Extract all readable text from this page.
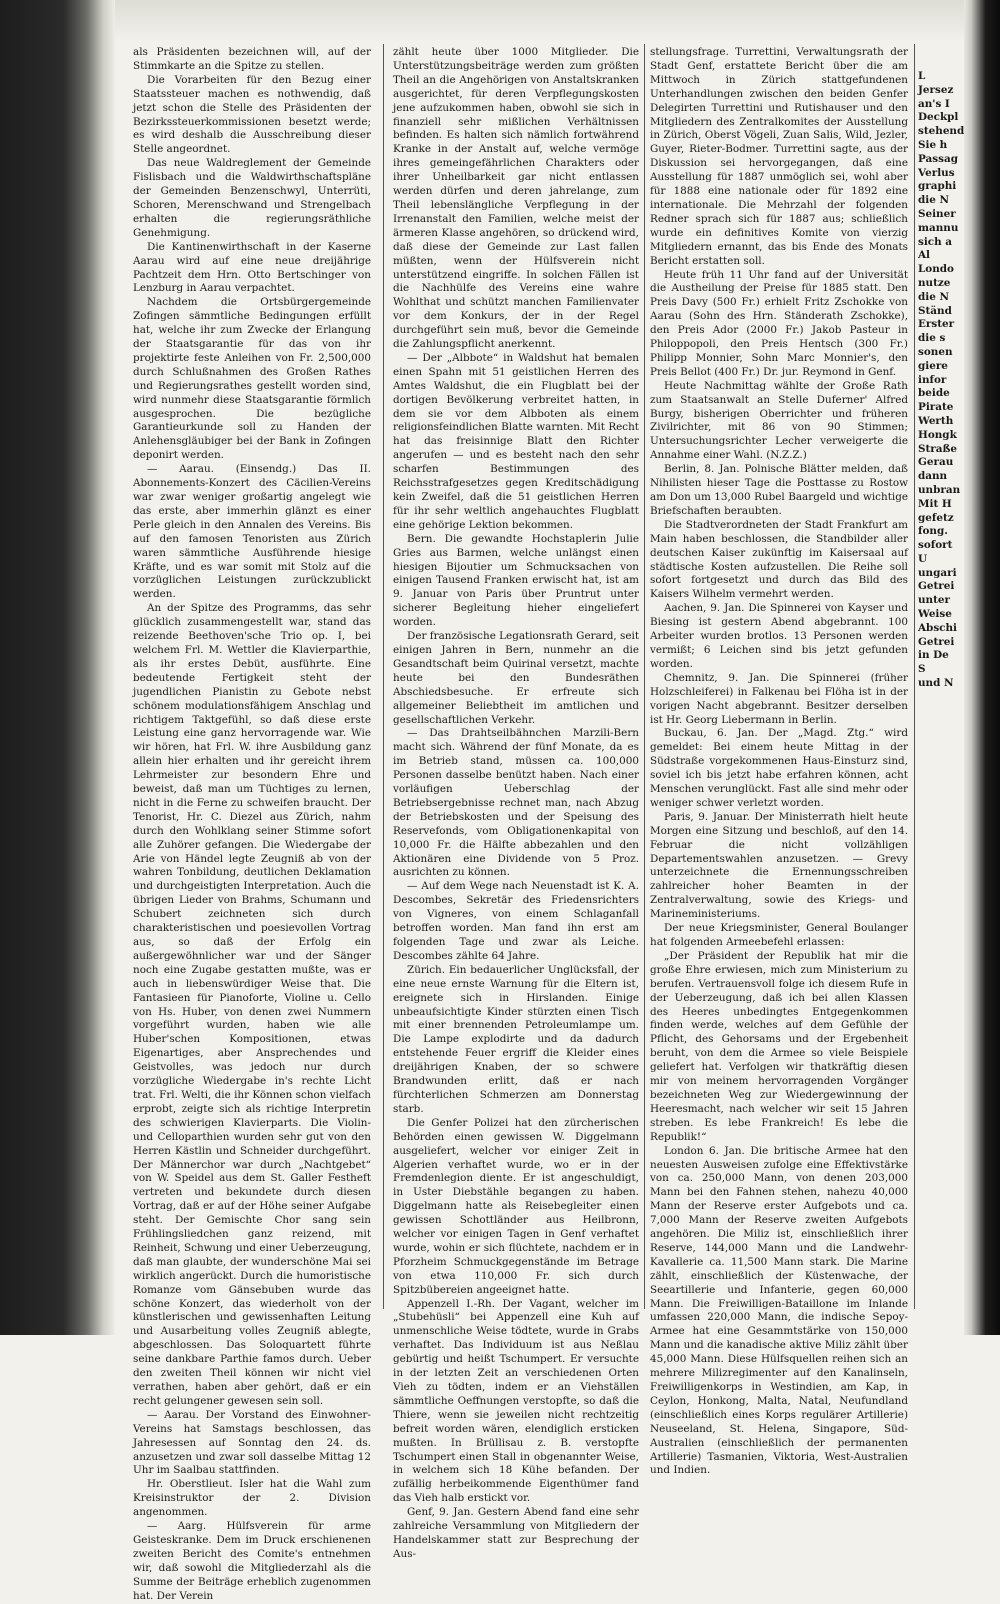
als Präsidenten bezeichnen will, auf der Stimmkarte an die Spitze zu stellen.

Die Vorarbeiten für den Bezug einer Staatssteuer machen es nothwendig, daß jetzt schon die Stelle des Präsidenten der Bezirkssteuerkommissionen besetzt werde; es wird deshalb die Ausschreibung dieser Stelle angeordnet.

Das neue Waldreglement der Gemeinde Fislisbach und die Waldwirthschaftspläne der Gemeinden Benzenschwyl, Unterrüti, Schoren, Merenschwand und Strengelbach erhalten die regierungsräthliche Genehmigung.

Die Kantinenwirthschaft in der Kaserne Aarau wird auf eine neue dreijährige Pachtzeit dem Hrn. Otto Bertschinger von Lenzburg in Aarau verpachtet.

Nachdem die Ortsbürgergemeinde Zofingen sämmtliche Bedingungen erfüllt hat, welche ihr zum Zwecke der Erlangung der Staatsgarantie für das von ihr projektirte feste Anleihen von Fr. 2,500,000 durch Schlußnahmen des Großen Rathes und Regierungsrathes gestellt worden sind, wird nunmehr diese Staatsgarantie förmlich ausgesprochen. Die bezügliche Garantieurkunde soll zu Handen der Anlehensgläubiger bei der Bank in Zofingen deponirt werden.

— Aarau. (Einsendg.) Das II. Abonnements-Konzert des Cäcilien-Vereins war zwar weniger großartig angelegt wie das erste, aber immerhin glänzt es einer Perle gleich in den Annalen des Vereins. Bis auf den famosen Tenoristen aus Zürich waren sämmtliche Ausführende hiesige Kräfte, und es war somit mit Stolz auf die vorzüglichen Leistungen zurückzublickt werden.

An der Spitze des Programms, das sehr glücklich zusammengestellt war, stand das reizende Beethoven'sche Trio op. I, bei welchem Frl. M. Wettler die Klavierparthie, als ihr erstes Debüt, ausführte. Eine bedeutende Fertigkeit steht der jugendlichen Pianistin zu Gebote nebst schönem modulationsfähigem Anschlag und richtigem Taktgefühl, so daß diese erste Leistung eine ganz hervorragende war. Wie wir hören, hat Frl. W. ihre Ausbildung ganz allein hier erhalten und ihr gereicht ihrem Lehrmeister zur besondern Ehre und beweist, daß man um Tüchtiges zu lernen, nicht in die Ferne zu schweifen braucht. Der Tenorist, Hr. C. Diezel aus Zürich, nahm durch den Wohlklang seiner Stimme sofort alle Zuhörer gefangen. Die Wiedergabe der Arie von Händel legte Zeugniß ab von der wahren Tonbildung, deutlichen Deklamation und durchgeistigten Interpretation. Auch die übrigen Lieder von Brahms, Schumann und Schubert zeichneten sich durch charakteristischen und poesievollen Vortrag aus, so daß der Erfolg ein außergewöhnlicher war und der Sänger noch eine Zugabe gestatten mußte, was er auch in liebenswürdiger Weise that. Die Fantasieen für Pianoforte, Violine u. Cello von Hs. Huber, von denen zwei Nummern vorgeführt wurden, haben wie alle Huber'schen Kompositionen, etwas Eigenartiges, aber Ansprechendes und Geistvolles, was jedoch nur durch vorzügliche Wiedergabe in's rechte Licht trat. Frl. Welti, die ihr Können schon vielfach erprobt, zeigte sich als richtige Interpretin des schwierigen Klavierparts. Die Violin- und Celloparthien wurden sehr gut von den Herren Kästlin und Schneider durchgeführt. Der Männerchor war durch „Nachtgebet“ von W. Speidel aus dem St. Galler Festheft vertreten und bekundete durch diesen Vortrag, daß er auf der Höhe seiner Aufgabe steht. Der Gemischte Chor sang sein Frühlingsliedchen ganz reizend, mit Reinheit, Schwung und einer Ueberzeugung, daß man glaubte, der wunderschöne Mai sei wirklich angerückt. Durch die humoristische Romanze vom Gänsebuben wurde das schöne Konzert, das wiederholt von der künstlerischen und gewissenhaften Leitung und Ausarbeitung volles Zeugniß ablegte, abgeschlossen. Das Soloquartett führte seine dankbare Parthie famos durch. Ueber den zweiten Theil können wir nicht viel verrathen, haben aber gehört, daß er ein recht gelungener gewesen sein soll.

— Aarau. Der Vorstand des Einwohner-Vereins hat Samstags beschlossen, das Jahresessen auf Sonntag den 24. ds. anzusetzen und zwar soll dasselbe Mittag 12 Uhr im Saalbau stattfinden.

Hr. Oberstlieut. Isler hat die Wahl zum Kreisinstruktor der 2. Division angenommen.

— Aarg. Hülfsverein für arme Geisteskranke. Dem im Druck erschienenen zweiten Bericht des Comite's entnehmen wir, daß sowohl die Mitgliederzahl als die Summe der Beiträge erheblich zugenommen hat. Der Verein

zählt heute über 1000 Mitglieder. Die Unterstützungsbeiträge werden zum größten Theil an die Angehörigen von Anstaltskranken ausgerichtet, für deren Verpflegungskosten jene aufzukommen haben, obwohl sie sich in finanziell sehr mißlichen Verhältnissen befinden. Es halten sich nämlich fortwährend Kranke in der Anstalt auf, welche vermöge ihres gemeingefährlichen Charakters oder ihrer Unheilbarkeit gar nicht entlassen werden dürfen und deren jahrelange, zum Theil lebenslängliche Verpflegung in der Irrenanstalt den Familien, welche meist der ärmeren Klasse angehören, so drückend wird, daß diese der Gemeinde zur Last fallen müßten, wenn der Hülfsverein nicht unterstützend eingriffe. In solchen Fällen ist die Nachhülfe des Vereins eine wahre Wohlthat und schützt manchen Familienvater vor dem Konkurs, der in der Regel durchgeführt sein muß, bevor die Gemeinde die Zahlungspflicht anerkennt.

— Der „Albbote“ in Waldshut hat bemalen einen Spahn mit 51 geistlichen Herren des Amtes Waldshut, die ein Flugblatt bei der dortigen Bevölkerung verbreitet hatten, in dem sie vor dem Albboten als einem religionsfeindlichen Blatte warnten. Mit Recht hat das freisinnige Blatt den Richter angerufen — und es besteht nach den sehr scharfen Bestimmungen des Reichsstrafgesetzes gegen Kreditschädigung kein Zweifel, daß die 51 geistlichen Herren für ihr sehr weltlich angehauchtes Flugblatt eine gehörige Lektion bekommen.

Bern. Die gewandte Hochstaplerin Julie Gries aus Barmen, welche unlängst einen hiesigen Bijoutier um Schmucksachen von einigen Tausend Franken erwischt hat, ist am 9. Januar von Paris über Pruntrut unter sicherer Begleitung hieher eingeliefert worden.

Der französische Legationsrath Gerard, seit einigen Jahren in Bern, nunmehr an die Gesandtschaft beim Quirinal versetzt, machte heute bei den Bundesräthen Abschiedsbesuche. Er erfreute sich allgemeiner Beliebtheit im amtlichen und gesellschaftlichen Verkehr.

— Das Drahtseilbähnchen Marzili-Bern macht sich. Während der fünf Monate, da es im Betrieb stand, müssen ca. 100,000 Personen dasselbe benützt haben. Nach einer vorläufigen Ueberschlag der Betriebsergebnisse rechnet man, nach Abzug der Betriebskosten und der Speisung des Reservefonds, vom Obligationenkapital von 10,000 Fr. die Hälfte abbezahlen und den Aktionären eine Dividende von 5 Proz. ausrichten zu können.

— Auf dem Wege nach Neuenstadt ist K. A. Descombes, Sekretär des Friedensrichters von Vigneres, von einem Schlaganfall betroffen worden. Man fand ihn erst am folgenden Tage und zwar als Leiche. Descombes zählte 64 Jahre.

Zürich. Ein bedauerlicher Unglücksfall, der eine neue ernste Warnung für die Eltern ist, ereignete sich in Hirslanden. Einige unbeaufsichtigte Kinder stürzten einen Tisch mit einer brennenden Petroleumlampe um. Die Lampe explodirte und da dadurch entstehende Feuer ergriff die Kleider eines dreijährigen Knaben, der so schwere Brandwunden erlitt, daß er nach fürchterlichen Schmerzen am Donnerstag starb.

Die Genfer Polizei hat den zürcherischen Behörden einen gewissen W. Diggelmann ausgeliefert, welcher vor einiger Zeit in Algerien verhaftet wurde, wo er in der Fremdenlegion diente. Er ist angeschuldigt, in Uster Diebstähle begangen zu haben. Diggelmann hatte als Reisebegleiter einen gewissen Schottländer aus Heilbronn, welcher vor einigen Tagen in Genf verhaftet wurde, wohin er sich flüchtete, nachdem er in Pforzheim Schmuckgegenstände im Betrage von etwa 110,000 Fr. sich durch Spitzbübereien angeeignet hatte.

Appenzell I.-Rh. Der Vagant, welcher im „Stubehüsli“ bei Appenzell eine Kuh auf unmenschliche Weise tödtete, wurde in Grabs verhaftet. Das Individuum ist aus Neßlau gebürtig und heißt Tschumpert. Er versuchte in der letzten Zeit an verschiedenen Orten Vieh zu tödten, indem er an Viehställen sämmtliche Oeffnungen verstopfte, so daß die Thiere, wenn sie jeweilen nicht rechtzeitig befreit worden wären, elendiglich ersticken mußten. In Brüllisau z. B. verstopfte Tschumpert einen Stall in obgenannter Weise, in welchem sich 18 Kühe befanden. Der zufällig herbeikommende Eigenthümer fand das Vieh halb erstickt vor.

Genf, 9. Jan. Gestern Abend fand eine sehr zahlreiche Versammlung von Mitgliedern der Handelskammer statt zur Besprechung der Aus-

stellungsfrage. Turrettini, Verwaltungsrath der Stadt Genf, erstattete Bericht über die am Mittwoch in Zürich stattgefundenen Unterhandlungen zwischen den beiden Genfer Delegirten Turrettini und Rutishauser und den Mitgliedern des Zentralkomites der Ausstellung in Zürich, Oberst Vögeli, Zuan Salis, Wild, Jezler, Guyer, Rieter-Bodmer. Turrettini sagte, aus der Diskussion sei hervorgegangen, daß eine Ausstellung für 1887 unmöglich sei, wohl aber für 1888 eine nationale oder für 1892 eine internationale. Die Mehrzahl der folgenden Redner sprach sich für 1887 aus; schließlich wurde ein definitives Komite von vierzig Mitgliedern ernannt, das bis Ende des Monats Bericht erstatten soll.

Heute früh 11 Uhr fand auf der Universität die Austheilung der Preise für 1885 statt. Den Preis Davy (500 Fr.) erhielt Fritz Zschokke von Aarau (Sohn des Hrn. Ständerath Zschokke), den Preis Ador (2000 Fr.) Jakob Pasteur in Philoppopoli, den Preis Hentsch (300 Fr.) Philipp Monnier, Sohn Marc Monnier's, den Preis Bellot (400 Fr.) Dr. jur. Reymond in Genf.

Heute Nachmittag wählte der Große Rath zum Staatsanwalt an Stelle Duferner' Alfred Burgy, bisherigen Oberrichter und früheren Zivilrichter, mit 86 von 90 Stimmen; Untersuchungsrichter Lecher verweigerte die Annahme einer Wahl. (N.Z.Z.)

Berlin, 8. Jan. Polnische Blätter melden, daß Nihilisten hieser Tage die Posttasse zu Rostow am Don um 13,000 Rubel Baargeld und wichtige Briefschaften beraubten.

Die Stadtverordneten der Stadt Frankfurt am Main haben beschlossen, die Standbilder aller deutschen Kaiser zukünftig im Kaisersaal auf städtische Kosten aufzustellen. Die Reihe soll sofort fortgesetzt und durch das Bild des Kaisers Wilhelm vermehrt werden.

Aachen, 9. Jan. Die Spinnerei von Kayser und Biesing ist gestern Abend abgebrannt. 100 Arbeiter wurden brotlos. 13 Personen werden vermißt; 6 Leichen sind bis jetzt gefunden worden.

Chemnitz, 9. Jan. Die Spinnerei (früher Holzschleiferei) in Falkenau bei Flöha ist in der vorigen Nacht abgebrannt. Besitzer derselben ist Hr. Georg Liebermann in Berlin.

Buckau, 6. Jan. Der „Magd. Ztg.“ wird gemeldet: Bei einem heute Mittag in der Südstraße vorgekommenen Haus-Einsturz sind, soviel ich bis jetzt habe erfahren können, acht Menschen verunglückt. Fast alle sind mehr oder weniger schwer verletzt worden.

Paris, 9. Januar. Der Ministerrath hielt heute Morgen eine Sitzung und beschloß, auf den 14. Februar die nicht vollzähligen Departementswahlen anzusetzen. — Grevy unterzeichnete die Ernennungsschreiben zahlreicher hoher Beamten in der Zentralverwaltung, sowie des Kriegs- und Marineministeriums.

Der neue Kriegsminister, General Boulanger hat folgenden Armeebefehl erlassen:

„Der Präsident der Republik hat mir die große Ehre erwiesen, mich zum Ministerium zu berufen. Vertrauensvoll folge ich diesem Rufe in der Ueberzeugung, daß ich bei allen Klassen des Heeres unbedingtes Entgegenkommen finden werde, welches auf dem Gefühle der Pflicht, des Gehorsams und der Ergebenheit beruht, von dem die Armee so viele Beispiele geliefert hat. Verfolgen wir thatkräftig diesen mir von meinem hervorragenden Vorgänger bezeichneten Weg zur Wiedergewinnung der Heeresmacht, nach welcher wir seit 15 Jahren streben. Es lebe Frankreich! Es lebe die Republik!“

London 6. Jan. Die britische Armee hat den neuesten Ausweisen zufolge eine Effektivstärke von ca. 250,000 Mann, von denen 203,000 Mann bei den Fahnen stehen, nahezu 40,000 Mann der Reserve erster Aufgebots und ca. 7,000 Mann der Reserve zweiten Aufgebots angehören. Die Miliz ist, einschließlich ihrer Reserve, 144,000 Mann und die Landwehr-Kavallerie ca. 11,500 Mann stark. Die Marine zählt, einschließlich der Küstenwache, der Seeartillerie und Infanterie, gegen 60,000 Mann. Die Freiwilligen-Bataillone im Inlande umfassen 220,000 Mann, die indische Sepoy-Armee hat eine Gesammtstärke von 150,000 Mann und die kanadische aktive Miliz zählt über 45,000 Mann. Diese Hülfsquellen reihen sich an mehrere Milizregimenter auf den Kanalinseln, Freiwilligenkorps in Westindien, am Kap, in Ceylon, Honkong, Malta, Natal, Neufundland (einschließlich eines Korps regulärer Artillerie) Neuseeland, St. Helena, Singapore, Süd-Australien (einschließlich der permanenten Artillerie) Tasmanien, Viktoria, West-Australien und Indien.

L
Jersez
an's I
Deckpl
stehend
Sie h
Passag
Verlus
graphi
die N
Seiner
mannu
sich a
Al
Londo
nutze
die N
Ständ
Erster
die s
sonen
giere
infor
beide
Pirate
Werth
Hongk
Straße
Gerau
dann
unbran
Mit H
gefetz
fong.
sofort
U
ungari
Getrei
unter
Weise
Abschi
Getrei
in De
S
und N
